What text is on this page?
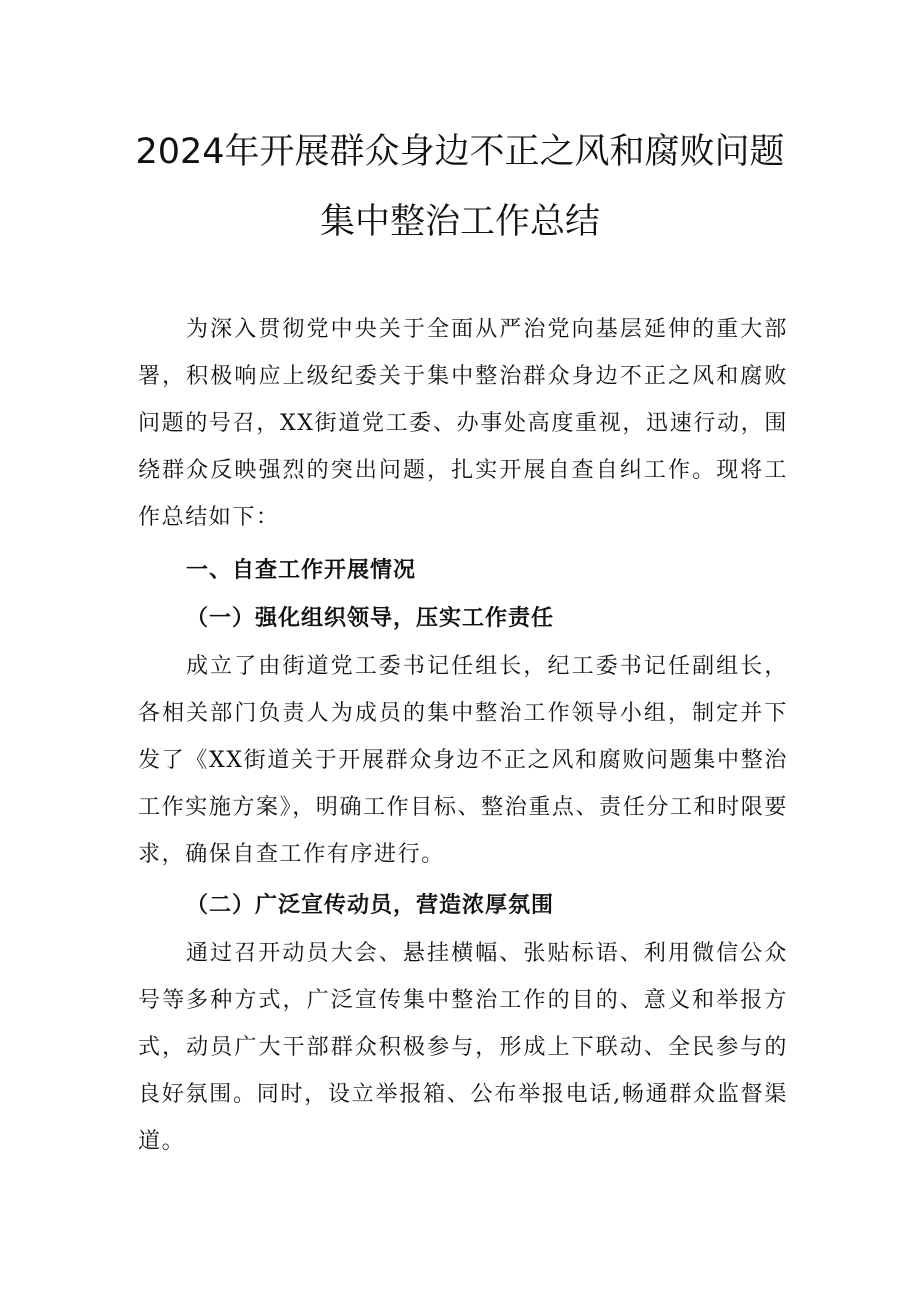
2024年开展群众身边不正之风和腐败问题
集中整治工作总结
为深入贯彻党中央关于全面从严治党向基层延伸的重大部署，积极响应上级纪委关于集中整治群众身边不正之风和腐败问题的号召，XX街道党工委、办事处高度重视，迅速行动，围绕群众反映强烈的突出问题，扎实开展自查自纠工作。现将工作总结如下：
一、自查工作开展情况
（一）强化组织领导，压实工作责任
成立了由街道党工委书记任组长，纪工委书记任副组长，各相关部门负责人为成员的集中整治工作领导小组，制定并下发了《XX街道关于开展群众身边不正之风和腐败问题集中整治工作实施方案》，明确工作目标、整治重点、责任分工和时限要求，确保自查工作有序进行。
（二）广泛宣传动员，营造浓厚氛围
通过召开动员大会、悬挂横幅、张贴标语、利用微信公众号等多种方式，广泛宣传集中整治工作的目的、意义和举报方式，动员广大干部群众积极参与，形成上下联动、全民参与的良好氛围。同时，设立举报箱、公布举报电话,畅通群众监督渠道。
